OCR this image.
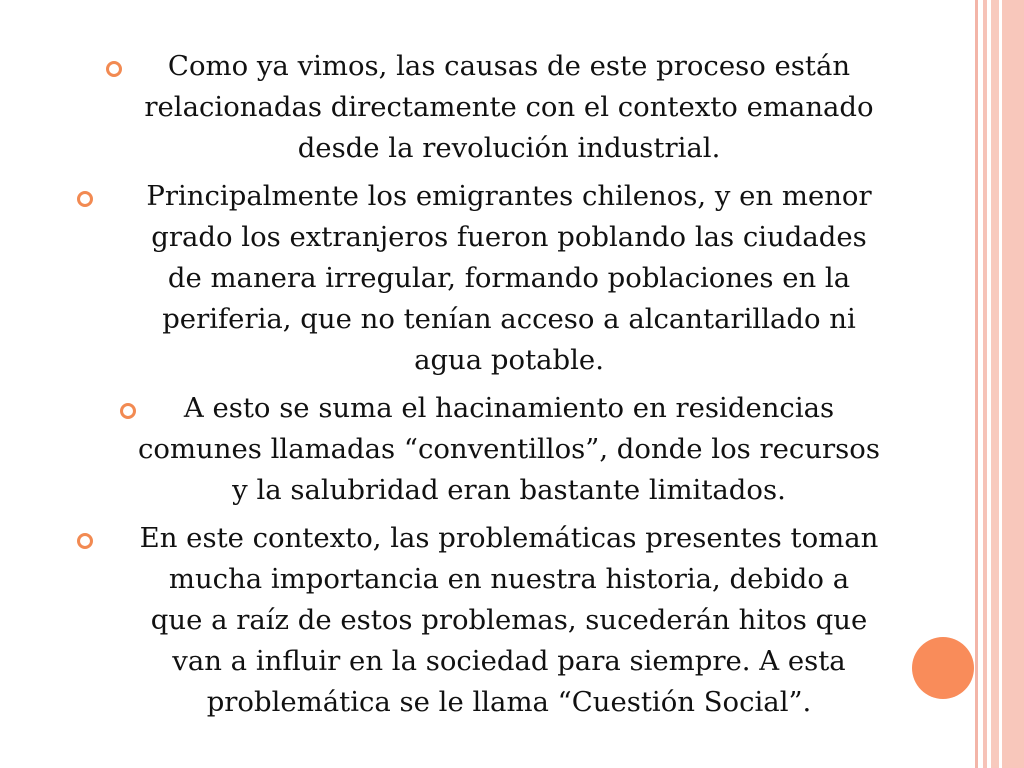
Como ya vimos, las causas de este proceso están
relacionadas directamente con el contexto emanado
desde la revolución industrial.
Principalmente los emigrantes chilenos, y en menor
grado los extranjeros fueron poblando las ciudades
de manera irregular, formando poblaciones en la
periferia, que no tenían acceso a alcantarillado ni
agua potable.
A esto se suma el hacinamiento en residencias
comunes llamadas “conventillos”, donde los recursos
y la salubridad eran bastante limitados.
En este contexto, las problemáticas presentes toman
mucha importancia en nuestra historia, debido a
que a raíz de estos problemas, sucederán hitos que
van a influir en la sociedad para siempre. A esta
problemática se le llama “Cuestión Social”.
